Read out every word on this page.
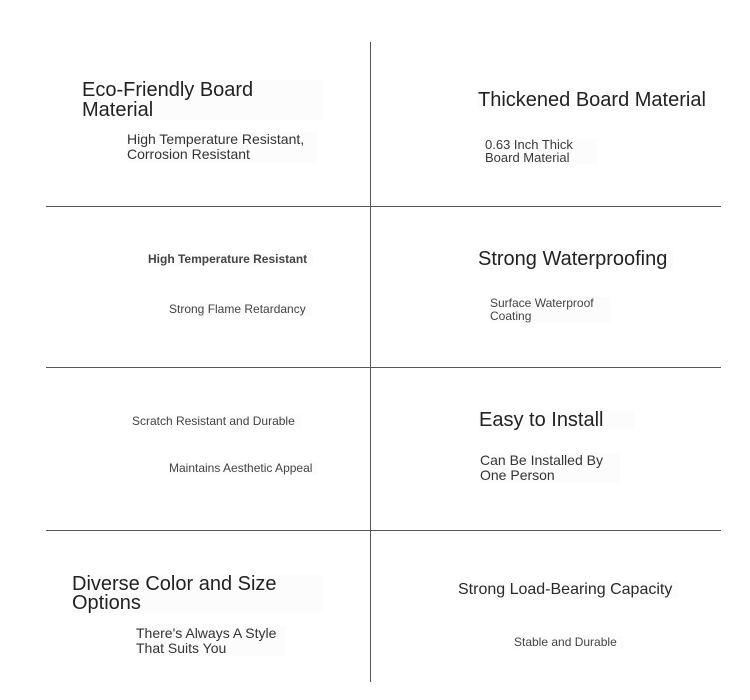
Eco-Friendly Board Material
High Temperature Resistant, Corrosion Resistant
Thickened Board Material
0.63 Inch Thick Board Material
High Temperature Resistant
Strong Flame Retardancy
Strong Waterproofing
Surface Waterproof Coating
Scratch Resistant and Durable
Maintains Aesthetic Appeal
Easy to Install
Can Be Installed By One Person
Diverse Color and Size Options
There's Always A Style That Suits You
Strong Load-Bearing Capacity
Stable and Durable
